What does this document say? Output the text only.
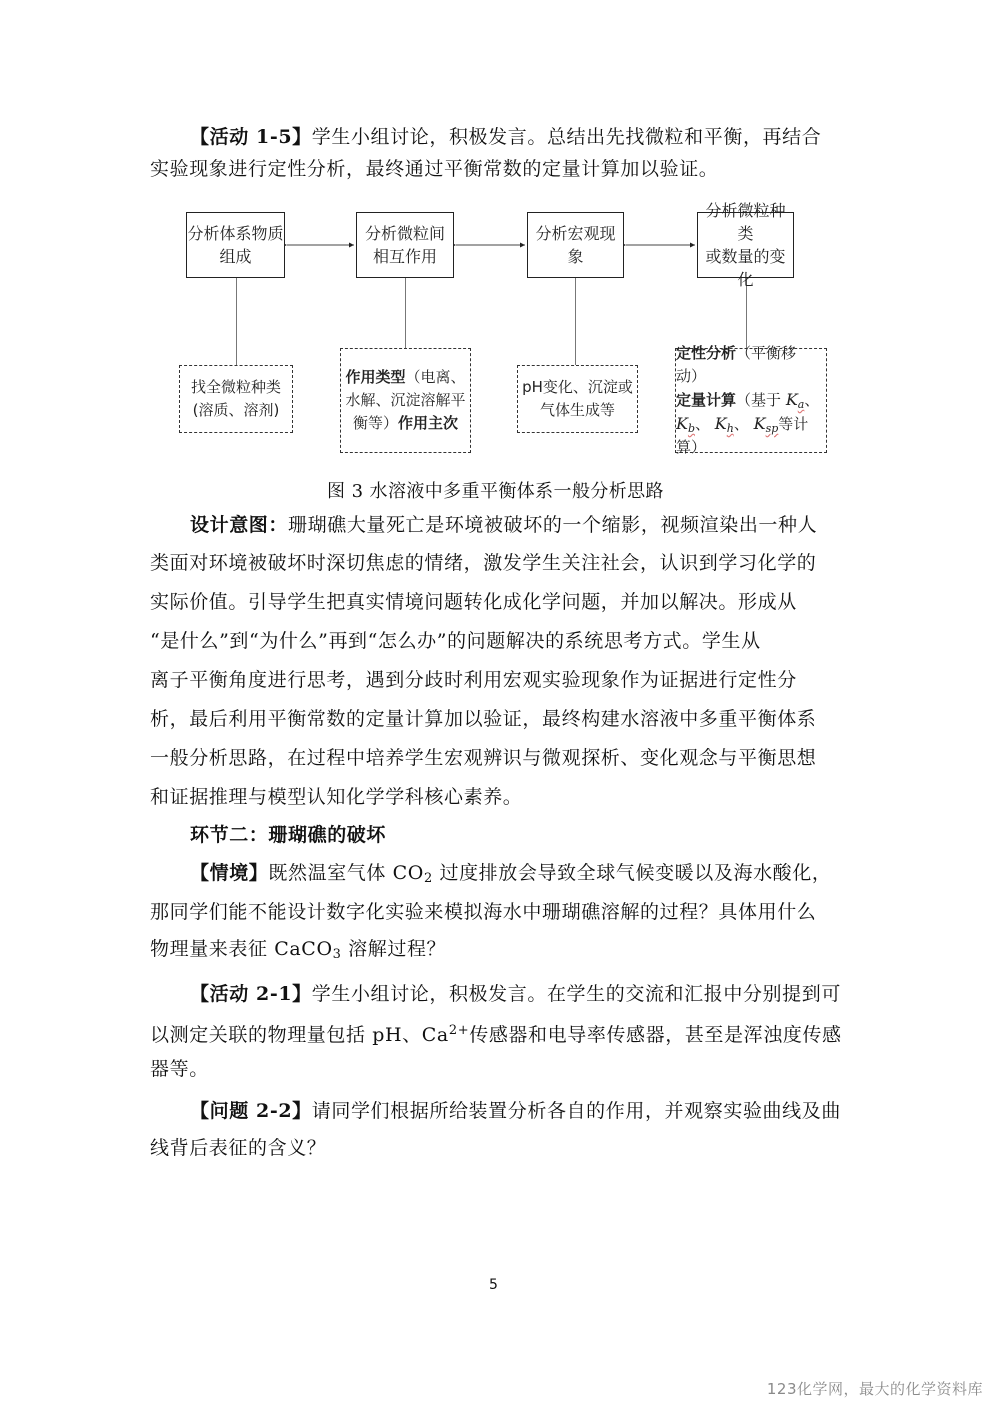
【活动 1-5】学生小组讨论，积极发言。总结出先找微粒和平衡，再结合
实验现象进行定性分析，最终通过平衡常数的定量计算加以验证。
分析体系物质
组成
分析微粒间
相互作用
分析宏观现象
分析微粒种类
或数量的变化
找全微粒种类
(溶质、溶剂)
作用类型（电离、
水解、沉淀溶解平
衡等）作用主次
pH变化、沉淀或
气体生成等
定性分析（平衡移动）
定量计算（基于 $K_a$、
$K_b$、 $K_h$、 $K_{sp}$等计算）
图 3 水溶液中多重平衡体系一般分析思路
设计意图：珊瑚礁大量死亡是环境被破坏的一个缩影，视频渲染出一种人
类面对环境被破坏时深切焦虑的情绪，激发学生关注社会，认识到学习化学的
实际价值。引导学生把真实情境问题转化成化学问题，并加以解决。形成从
“是什么”到“为什么”再到“怎么办”的问题解决的系统思考方式。学生从
离子平衡角度进行思考，遇到分歧时利用宏观实验现象作为证据进行定性分
析，最后利用平衡常数的定量计算加以验证，最终构建水溶液中多重平衡体系
一般分析思路，在过程中培养学生宏观辨识与微观探析、变化观念与平衡思想
和证据推理与模型认知化学学科核心素养。
环节二：珊瑚礁的破坏
【情境】既然温室气体 $CO_2$ 过度排放会导致全球气候变暖以及海水酸化，
那同学们能不能设计数字化实验来模拟海水中珊瑚礁溶解的过程？具体用什么
物理量来表征 CaCO$_3$ 溶解过程？
【活动 2-1】学生小组讨论，积极发言。在学生的交流和汇报中分别提到可
以测定关联的物理量包括 pH、$Ca^{2+}$传感器和电导率传感器，甚至是浑浊度传感
器等。
【问题 2-2】请同学们根据所给装置分析各自的作用，并观察实验曲线及曲
线背后表征的含义？
5
123化学网，最大的化学资料库
